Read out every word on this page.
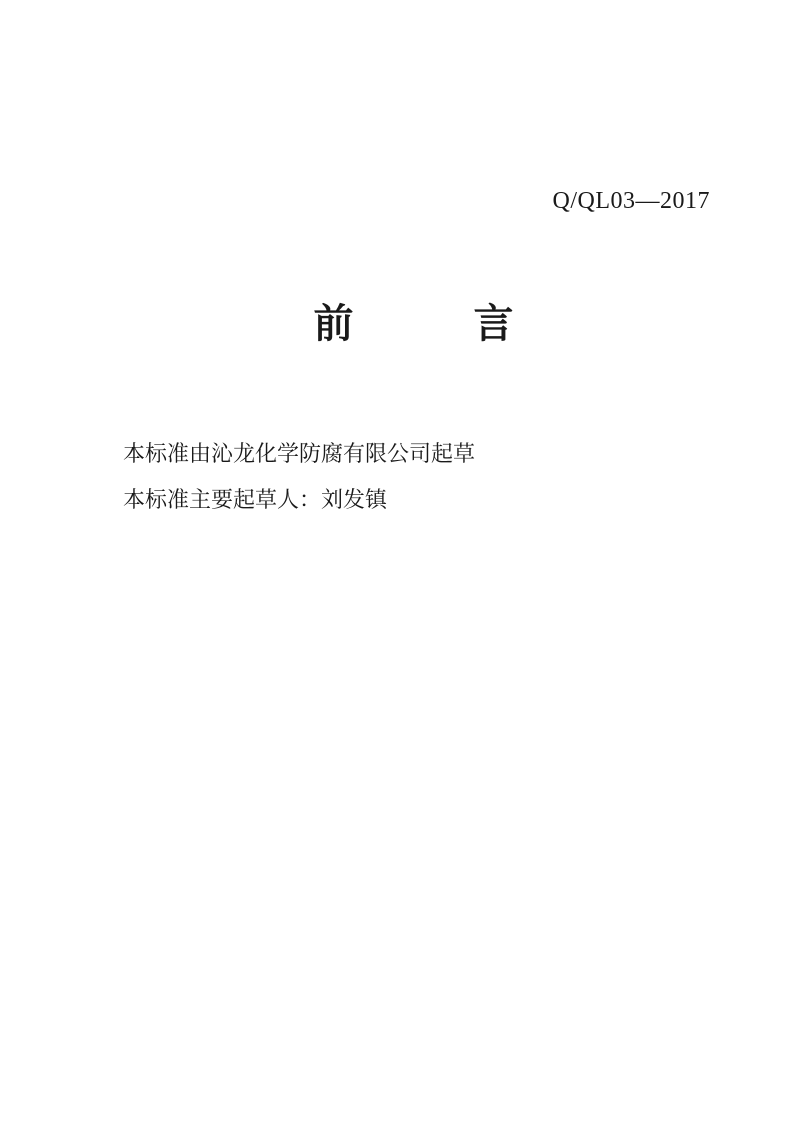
Q/QL03—2017
前　　　言

本标准由沁龙化学防腐有限公司起草

本标准主要起草人：刘发镇
